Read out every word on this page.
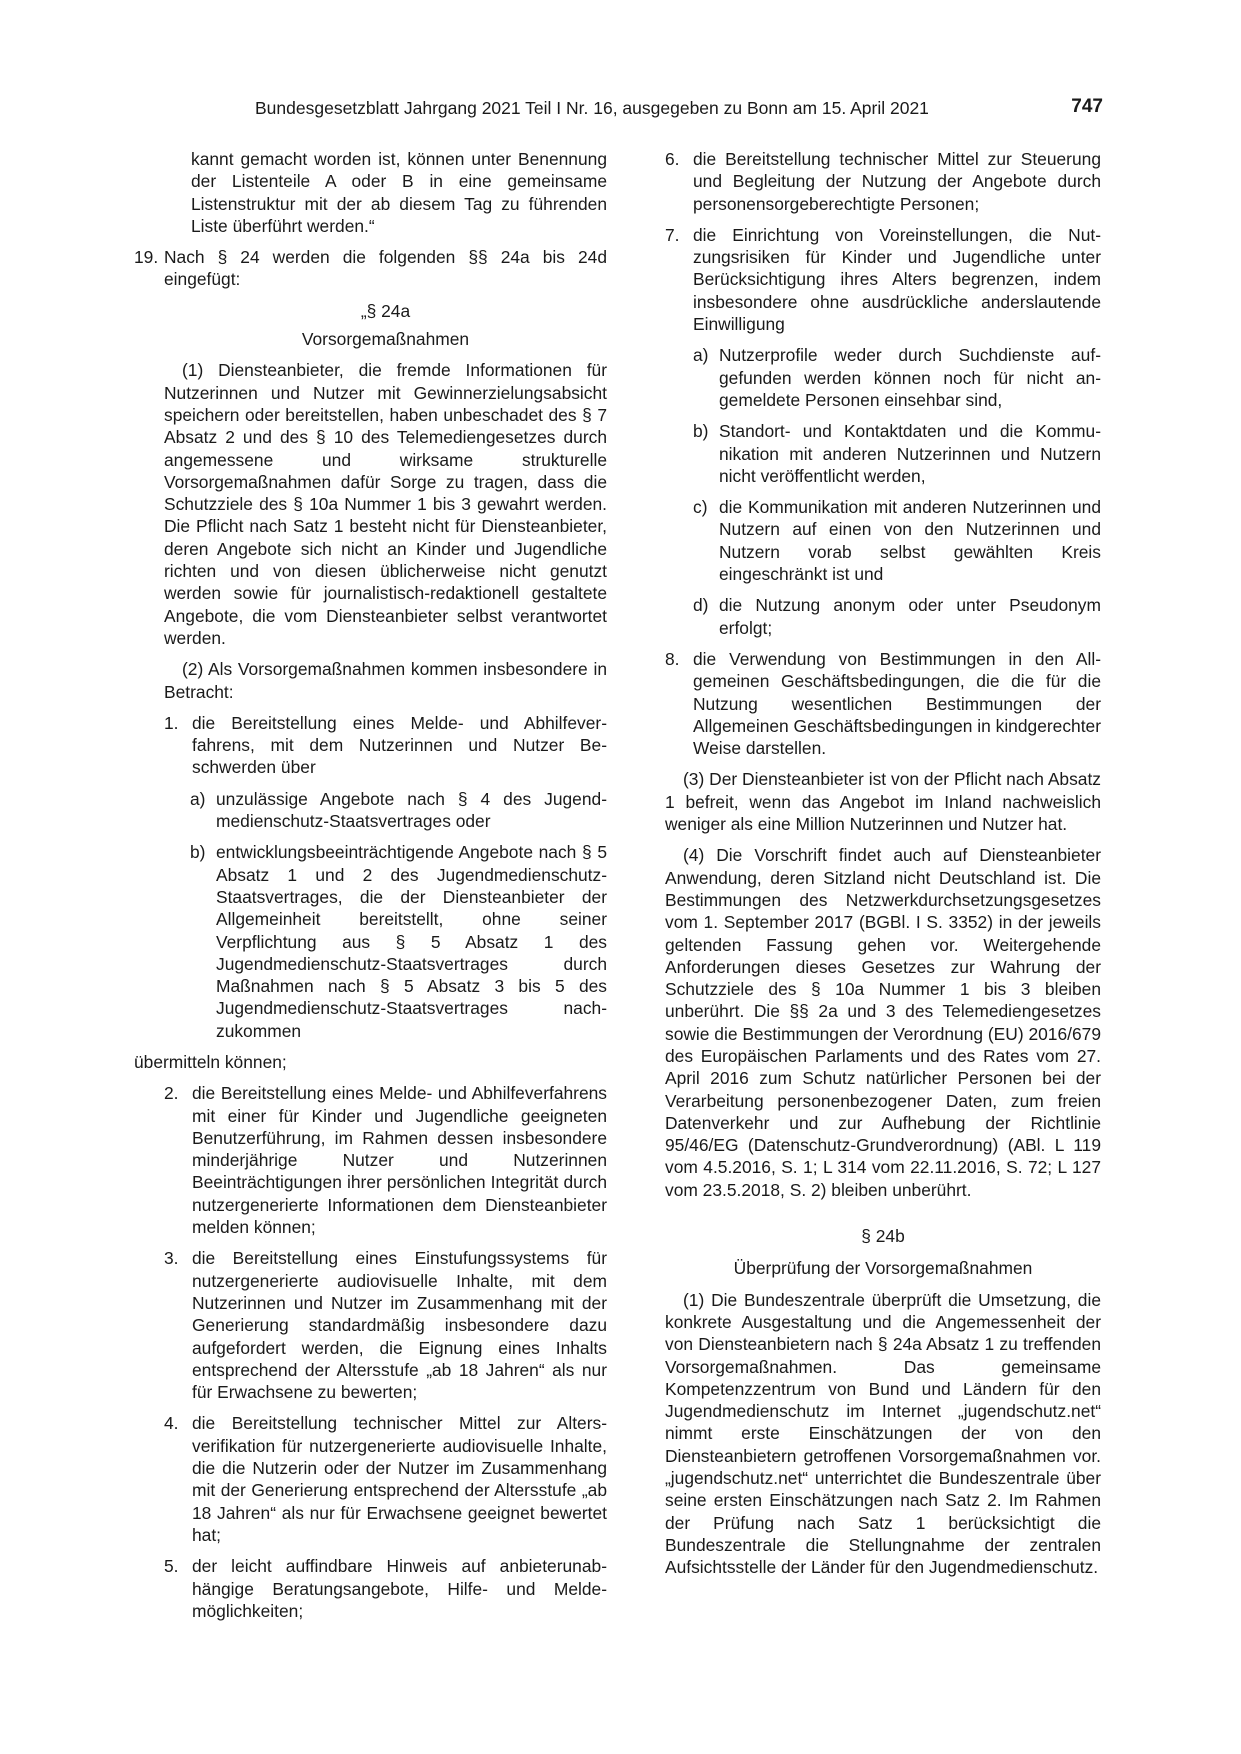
Bundesgesetzblatt Jahrgang 2021 Teil I Nr. 16, ausgegeben zu Bonn am 15. April 2021	747

kannt gemacht worden ist, können unter Benennung der Listenteile A oder B in eine gemeinsame Listenstruktur mit der ab diesem Tag zu führenden Liste überführt werden.“

19. Nach § 24 werden die folgenden §§ 24a bis 24d eingefügt:

„§ 24a

Vorsorgemaßnahmen

(1) Diensteanbieter, die fremde Informationen für Nutzerinnen und Nutzer mit Gewinnerzielungsabsicht speichern oder bereitstellen, haben unbeschadet des § 7 Absatz 2 und des § 10 des Telemediengesetzes durch angemessene und wirksame strukturelle Vorsorgemaßnahmen dafür Sorge zu tragen, dass die Schutzziele des § 10a Nummer 1 bis 3 gewahrt werden. Die Pflicht nach Satz 1 besteht nicht für Diensteanbieter, deren Angebote sich nicht an Kinder und Jugendliche richten und von diesen üblicherweise nicht genutzt werden sowie für journalistisch-redaktionell gestaltete Angebote, die vom Diensteanbieter selbst verantwortet werden.

(2) Als Vorsorgemaßnahmen kommen insbesondere in Betracht:

1. die Bereitstellung eines Melde- und Abhilfeverfahrens, mit dem Nutzerinnen und Nutzer Beschwerden über

a) unzulässige Angebote nach § 4 des Jugendmedienschutz-Staatsvertrages oder

b) entwicklungsbeeinträchtigende Angebote nach § 5 Absatz 1 und 2 des Jugendmedienschutz-Staatsvertrages, die der Diensteanbieter der Allgemeinheit bereitstellt, ohne seiner Verpflichtung aus § 5 Absatz 1 des Jugendmedienschutz-Staatsvertrages durch Maßnahmen nach § 5 Absatz 3 bis 5 des Jugendmedienschutz-Staatsvertrages nachzukommen

übermitteln können;

2. die Bereitstellung eines Melde- und Abhilfeverfahrens mit einer für Kinder und Jugendliche geeigneten Benutzerführung, im Rahmen dessen insbesondere minderjährige Nutzer und Nutzerinnen Beeinträchtigungen ihrer persönlichen Integrität durch nutzergenerierte Informationen dem Diensteanbieter melden können;

3. die Bereitstellung eines Einstufungssystems für nutzergenerierte audiovisuelle Inhalte, mit dem Nutzerinnen und Nutzer im Zusammenhang mit der Generierung standardmäßig insbesondere dazu aufgefordert werden, die Eignung eines Inhalts entsprechend der Altersstufe „ab 18 Jahren“ als nur für Erwachsene zu bewerten;

4. die Bereitstellung technischer Mittel zur Altersverifikation für nutzergenerierte audiovisuelle Inhalte, die die Nutzerin oder der Nutzer im Zusammenhang mit der Generierung entsprechend der Altersstufe „ab 18 Jahren“ als nur für Erwachsene geeignet bewertet hat;

5. der leicht auffindbare Hinweis auf anbieterunabhängige Beratungsangebote, Hilfe- und Meldemöglichkeiten;

6. die Bereitstellung technischer Mittel zur Steuerung und Begleitung der Nutzung der Angebote durch personensorgeberechtigte Personen;

7. die Einrichtung von Voreinstellungen, die Nutzungsrisiken für Kinder und Jugendliche unter Berücksichtigung ihres Alters begrenzen, indem insbesondere ohne ausdrückliche anderslautende Einwilligung

a) Nutzerprofile weder durch Suchdienste aufgefunden werden können noch für nicht angemeldete Personen einsehbar sind,

b) Standort- und Kontaktdaten und die Kommunikation mit anderen Nutzerinnen und Nutzern nicht veröffentlicht werden,

c) die Kommunikation mit anderen Nutzerinnen und Nutzern auf einen von den Nutzerinnen und Nutzern vorab selbst gewählten Kreis eingeschränkt ist und

d) die Nutzung anonym oder unter Pseudonym erfolgt;

8. die Verwendung von Bestimmungen in den Allgemeinen Geschäftsbedingungen, die die für die Nutzung wesentlichen Bestimmungen der Allgemeinen Geschäftsbedingungen in kindgerechter Weise darstellen.

(3) Der Diensteanbieter ist von der Pflicht nach Absatz 1 befreit, wenn das Angebot im Inland nachweislich weniger als eine Million Nutzerinnen und Nutzer hat.

(4) Die Vorschrift findet auch auf Diensteanbieter Anwendung, deren Sitzland nicht Deutschland ist. Die Bestimmungen des Netzwerkdurchsetzungsgesetzes vom 1. September 2017 (BGBl. I S. 3352) in der jeweils geltenden Fassung gehen vor. Weitergehende Anforderungen dieses Gesetzes zur Wahrung der Schutzziele des § 10a Nummer 1 bis 3 bleiben unberührt. Die §§ 2a und 3 des Telemediengesetzes sowie die Bestimmungen der Verordnung (EU) 2016/679 des Europäischen Parlaments und des Rates vom 27. April 2016 zum Schutz natürlicher Personen bei der Verarbeitung personenbezogener Daten, zum freien Datenverkehr und zur Aufhebung der Richtlinie 95/46/EG (Datenschutz-Grundverordnung) (ABl. L 119 vom 4.5.2016, S. 1; L 314 vom 22.11.2016, S. 72; L 127 vom 23.5.2018, S. 2) bleiben unberührt.

§ 24b

Überprüfung der Vorsorgemaßnahmen

(1) Die Bundeszentrale überprüft die Umsetzung, die konkrete Ausgestaltung und die Angemessenheit der von Diensteanbietern nach § 24a Absatz 1 zu treffenden Vorsorgemaßnahmen. Das gemeinsame Kompetenzzentrum von Bund und Ländern für den Jugendmedienschutz im Internet „jugendschutz.net“ nimmt erste Einschätzungen der von den Diensteanbietern getroffenen Vorsorgemaßnahmen vor. „jugendschutz.net“ unterrichtet die Bundeszentrale über seine ersten Einschätzungen nach Satz 2. Im Rahmen der Prüfung nach Satz 1 berücksichtigt die Bundeszentrale die Stellungnahme der zentralen Aufsichtsstelle der Länder für den Jugendmedienschutz.
